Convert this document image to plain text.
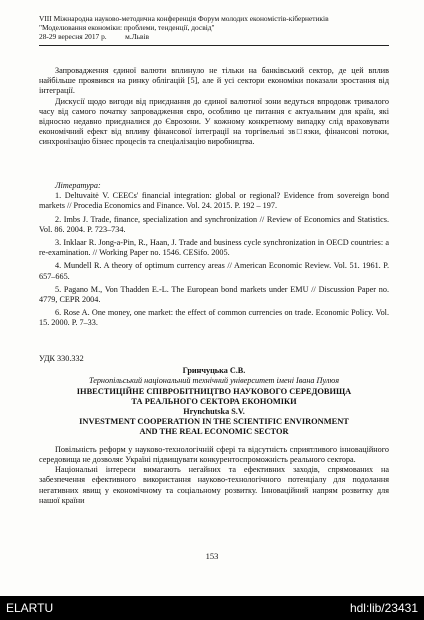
VIII Міжнародна науково-методична конференція Форум молодих економістів-кібернетиків
"Моделювання економіки: проблеми, тенденції, досвід"
28-29 вересня 2017 р.          м.Львів

Запровадження єдиної валюти вплинуло не тільки на банківський сектор, де цей вплив найбільше проявився на ринку облігацій [5], але й усі сектори економіки показали зростання від інтеграції.

Дискусії щодо вигоди від приєднання до єдиної валютної зони ведуться впродовж тривалого часу від самого початку запровадження євро, особливо це питання є актуальним для країн, які відносно недавно приєдналися до Єврозони. У кожному конкретному випадку слід враховувати економічний ефект від впливу фінансової інтеграції на торгівельні зв□язки, фінансові потоки, синхронізацію бізнес процесів та спеціалізацію виробництва.

Література:

1. Deltuvaitė V. CEECs' financial integration: global or regional? Evidence from sovereign bond markets // Procedia Economics and Finance. Vol. 24. 2015. P. 192 – 197.

2. Imbs J. Trade, finance, specialization and synchronization // Review of Economics and Statistics. Vol. 86. 2004. P. 723–734.

3. Inklaar R. Jong-a-Pin, R., Haan, J. Trade and business cycle synchronization in OECD countries: a re-examination. // Working Paper no. 1546. CESifo. 2005.

4. Mundell R. A theory of optimum currency areas // American Economic Review. Vol. 51. 1961. P. 657–665.

5. Pagano M., Von Thadden E.-L. The European bond markets under EMU // Discussion Paper no. 4779, CEPR 2004.

6. Rose A. One money, one market: the effect of common currencies on trade. Economic Policy. Vol. 15. 2000. P. 7–33.

УДК 330.332

Гринчуцька С.В.

Тернопільський національний технічний університет імені Івана Пулюя

ІНВЕСТИЦІЙНЕ СПІВРОБІТНИЦТВО НАУКОВОГО СЕРЕДОВИЩА

ТА РЕАЛЬНОГО СЕКТОРА ЕКОНОМІКИ

Hrynchutska S.V.

INVESTMENT COOPERATION IN THE SCIENTIFIC ENVIRONMENT

AND THE REAL ECONOMIC SECTOR

Повільність реформ у науково-технологічній сфері та відсутність сприятливого інноваційного середовища не дозволяє Україні підвищувати конкурентоспроможність реального сектора.

Національні інтереси вимагають негайних та ефективних заходів, спрямованих на забезпечення ефективного використання науково-технологічного потенціалу для подолання негативних явищ у економічному та соціальному розвитку. Інноваційний напрям розвитку для нашої країни

153
ELARTU	hdl:lib/23431
